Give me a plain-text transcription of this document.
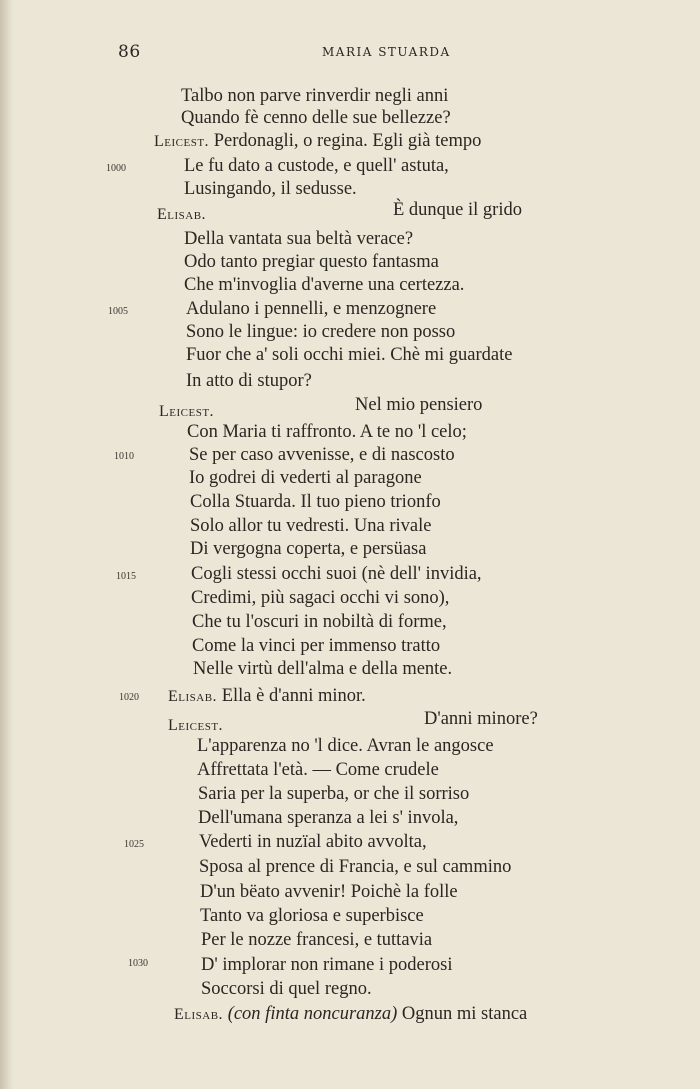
86	MARIA STUARDA
1000
1005
1010
1015
1020
1025
1030
Talbo non parve rinverdir negli anni
Quando fè cenno delle sue bellezze?
Leicest. Perdonagli, o regina. Egli già tempo
Le fu dato a custode, e quell' astuta,
Lusingando, il sedusse.
Elisab.	È dunque il grido
Della vantata sua beltà verace?
Odo tanto pregiar questo fantasma
Che m'invoglia d'averne una certezza.
Adulano i pennelli, e menzognere
Sono le lingue: io credere non posso
Fuor che a' soli occhi miei. Chè mi guardate
In atto di stupor?
Leicest.	Nel mio pensiero
Con Maria ti raffronto. A te no 'l celo;
Se per caso avvenisse, e di nascosto
Io godrei di vederti al paragone
Colla Stuarda. Il tuo pieno trionfo
Solo allor tu vedresti. Una rivale
Di vergogna coperta, e persüasa
Cogli stessi occhi suoi (nè dell' invidia,
Credimi, più sagaci occhi vi sono),
Che tu l'oscuri in nobiltà di forme,
Come la vinci per immenso tratto
Nelle virtù dell'alma e della mente.
Elisab. Ella è d'anni minor.
Leicest.	D'anni minore?
L'apparenza no 'l dice. Avran le angosce
Affrettata l'età. — Come crudele
Saria per la superba, or che il sorriso
Dell'umana speranza a lei s' invola,
Vederti in nuzïal abito avvolta,
Sposa al prence di Francia, e sul cammino
D'un bëato avvenir! Poichè la folle
Tanto va gloriosa e superbisce
Per le nozze francesi, e tuttavia
D' implorar non rimane i poderosi
Soccorsi di quel regno.
Elisab. (con finta noncuranza) Ognun mi stanca
